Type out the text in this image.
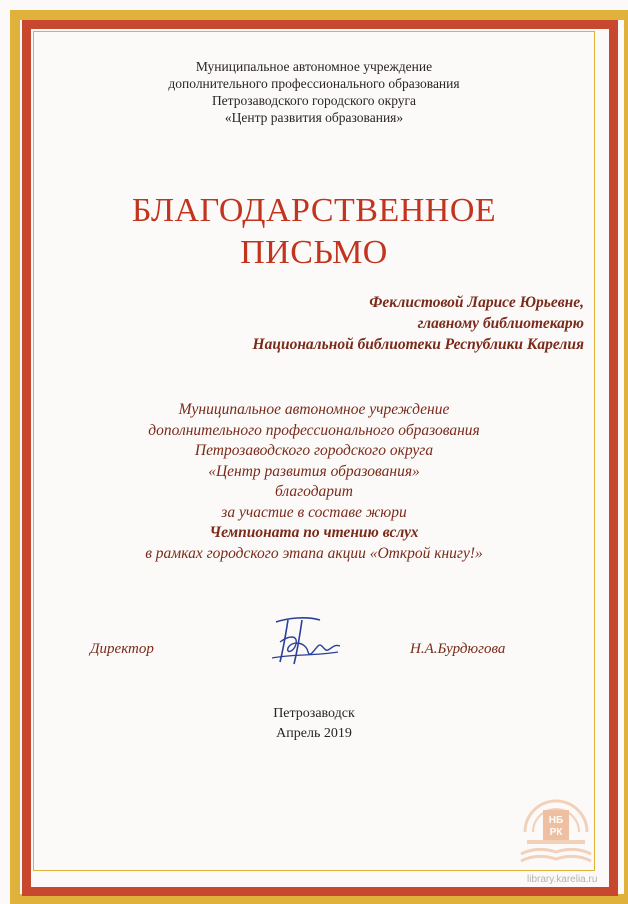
Муниципальное автономное учреждение
дополнительного профессионального образования
Петрозаводского городского округа
«Центр развития образования»
БЛАГОДАРСТВЕННОЕ
ПИСЬМО
Феклистовой Ларисе Юрьевне,
главному библиотекарю
Национальной библиотеки Республики Карелия
Муниципальное автономное учреждение
дополнительного профессионального образования
Петрозаводского городского округа
«Центр развития образования»
благодарит
за участие в составе жюри
Чемпионата по чтению вслух
в рамках городского этапа акции «Открой книгу!»
Директор	Н.А.Бурдюгова
Петрозаводск
Апрель 2019
НБ
РК
library.karelia.ru
